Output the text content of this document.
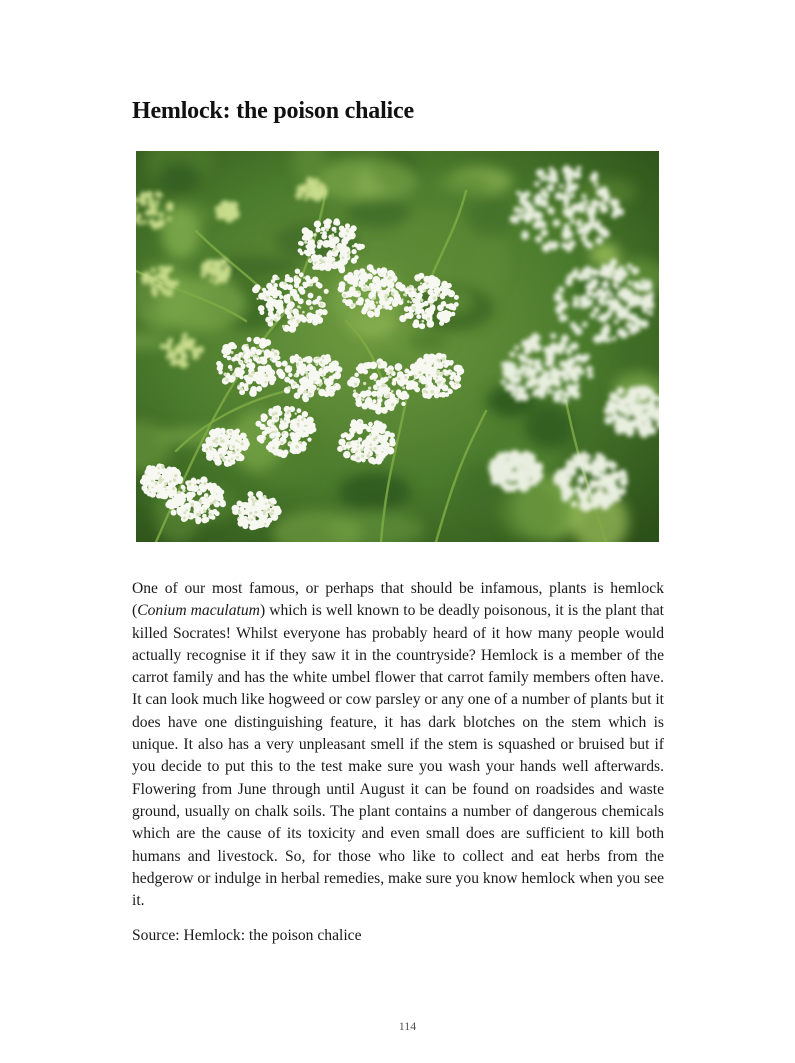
Hemlock: the poison chalice

One of our most famous, or perhaps that should be infamous, plants is hemlock (Conium maculatum) which is well known to be deadly poisonous, it is the plant that killed Socrates! Whilst everyone has probably heard of it how many people would actually recognise it if they saw it in the countryside? Hemlock is a member of the carrot family and has the white umbel flower that carrot family members often have. It can look much like hogweed or cow parsley or any one of a number of plants but it does have one distinguishing feature, it has dark blotches on the stem which is unique. It also has a very unpleasant smell if the stem is squashed or bruised but if you decide to put this to the test make sure you wash your hands well afterwards. Flowering from June through until August it can be found on roadsides and waste ground, usually on chalk soils. The plant contains a number of dangerous chemicals which are the cause of its toxicity and even small does are sufficient to kill both humans and livestock. So, for those who like to collect and eat herbs from the hedgerow or indulge in herbal remedies, make sure you know hemlock when you see it.

Source: Hemlock: the poison chalice

114
